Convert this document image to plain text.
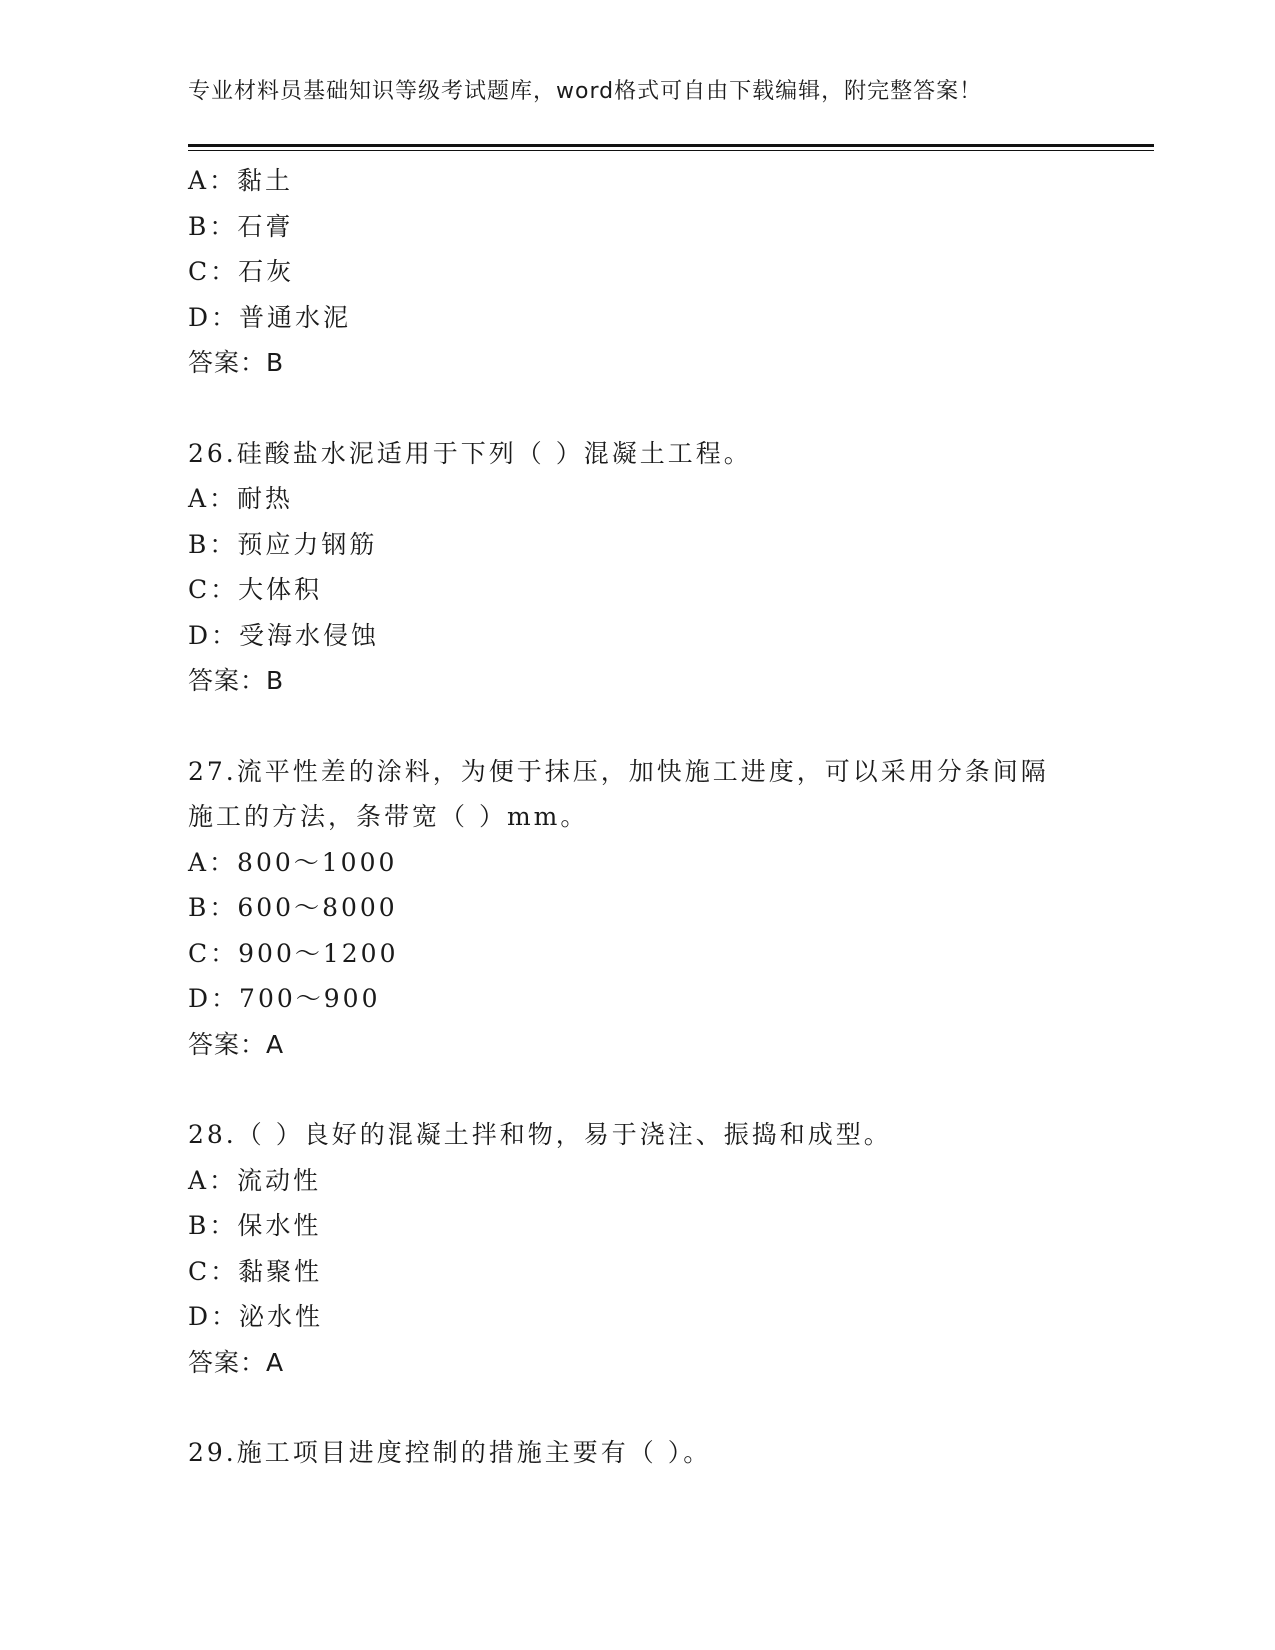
专业材料员基础知识等级考试题库，word格式可自由下载编辑，附完整答案！
A：黏土
B：石膏
C：石灰
D：普通水泥
答案：B
26.硅酸盐水泥适用于下列（ ）混凝土工程。
A：耐热
B：预应力钢筋
C：大体积
D：受海水侵蚀
答案：B
27.流平性差的涂料，为便于抹压，加快施工进度，可以采用分条间隔
施工的方法，条带宽（ ）mm。
A：800～1000
B：600～8000
C：900～1200
D：700～900
答案：A
28.（ ）良好的混凝土拌和物，易于浇注、振捣和成型。
A：流动性
B：保水性
C：黏聚性
D：泌水性
答案：A
29.施工项目进度控制的措施主要有（ ）。
